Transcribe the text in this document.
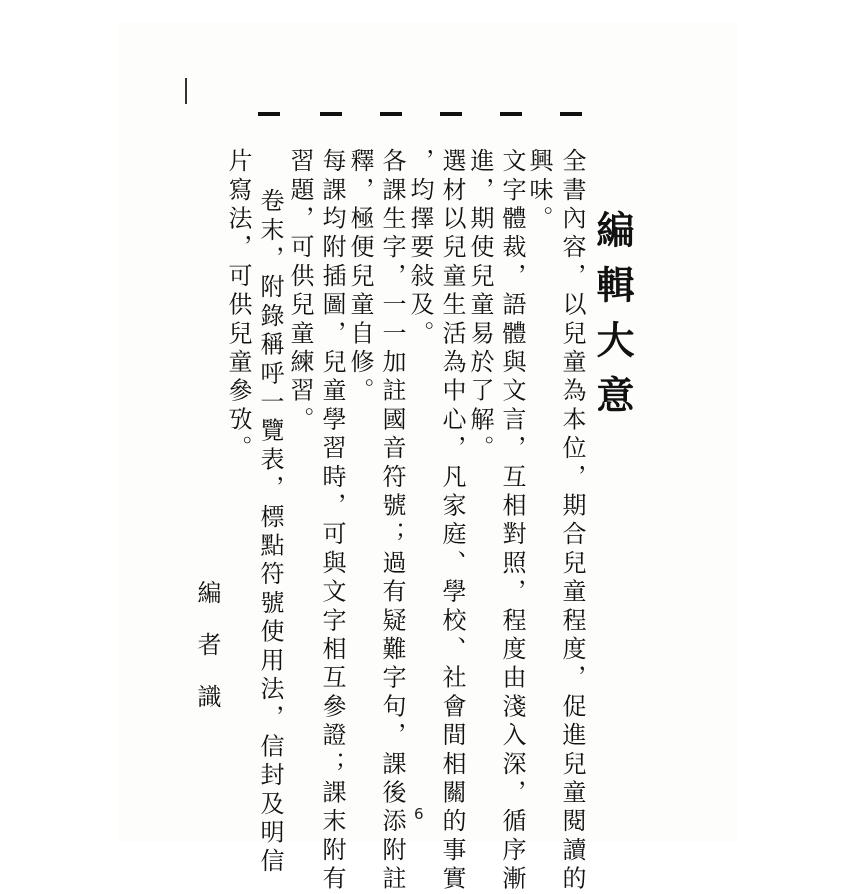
編輯大意
全書內容，以兒童為本位，期合兒童程度，促進兒童閱讀的
興味。
文字體裁，語體與文言，互相對照，程度由淺入深，循序漸
進，期使兒童易於了解。
選材以兒童生活為中心，凡家庭、學校、社會間相關的事實
，均擇要敍及。
各課生字，一一加註國音符號；過有疑難字句，課後添附註
釋，極便兒童自修。
每課均附插圖，兒童學習時，可與文字相互參證；課末附有
習題，可供兒童練習。
卷末，附錄稱呼一覽表，標點符號使用法，信封及明信
片寫法，可供兒童參攷。
編者識
6
